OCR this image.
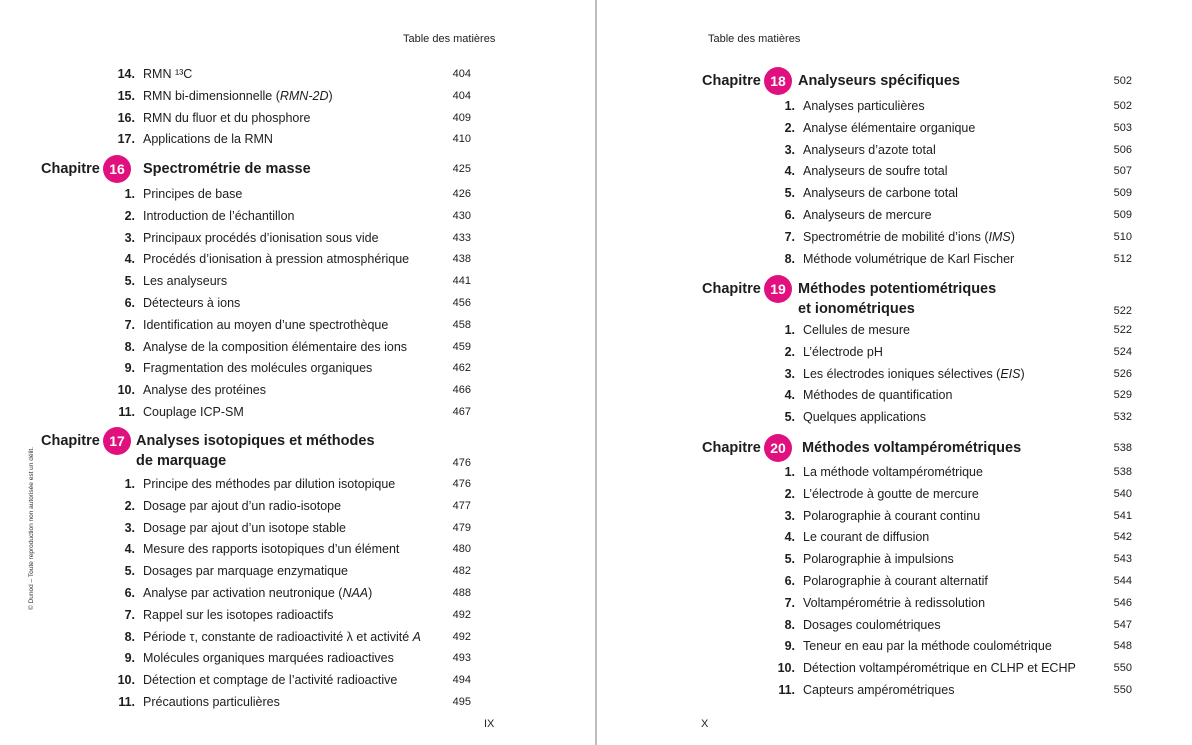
Table des matières
© Dunod – Toute reproduction non autorisée est un délit.
IX
14. RMN ¹³C	404
15. RMN bi-dimensionnelle (RMN-2D)	404
16. RMN du fluor et du phosphore	409
17. Applications de la RMN	410
Chapitre 16	Spectrométrie de masse	425
1. Principes de base	426
2. Introduction de l’échantillon	430
3. Principaux procédés d’ionisation sous vide	433
4. Procédés d’ionisation à pression atmosphérique	438
5. Les analyseurs	441
6. Détecteurs à ions	456
7. Identification au moyen d’une spectrothèque	458
8. Analyse de la composition élémentaire des ions	459
9. Fragmentation des molécules organiques	462
10. Analyse des protéines	466
11. Couplage ICP-SM	467
Chapitre 17 Analyses isotopiques et méthodes
de marquage	476
1. Principe des méthodes par dilution isotopique	476
2. Dosage par ajout d’un radio-isotope	477
3. Dosage par ajout d’un isotope stable	479
4. Mesure des rapports isotopiques d’un élément	480
5. Dosages par marquage enzymatique	482
6. Analyse par activation neutronique (NAA)	488
7. Rappel sur les isotopes radioactifs	492
8. Période τ, constante de radioactivité λ et activité A	492
9. Molécules organiques marquées radioactives	493
10. Détection et comptage de l’activité radioactive	494
11. Précautions particulières	495
Table des matières
X
Chapitre 18 Analyseurs spécifiques	502
1. Analyses particulières	502
2. Analyse élémentaire organique	503
3. Analyseurs d’azote total	506
4. Analyseurs de soufre total	507
5. Analyseurs de carbone total	509
6. Analyseurs de mercure	509
7. Spectrométrie de mobilité d’ions (IMS)	510
8. Méthode volumétrique de Karl Fischer	512
Chapitre 19 Méthodes potentiométriques
et ionométriques	522
1. Cellules de mesure	522
2. L’électrode pH	524
3. Les électrodes ioniques sélectives (EIS)	526
4. Méthodes de quantification	529
5. Quelques applications	532
Chapitre 20	Méthodes voltampérométriques	538
1. La méthode voltampérométrique	538
2. L’électrode à goutte de mercure	540
3. Polarographie à courant continu	541
4. Le courant de diffusion	542
5. Polarographie à impulsions	543
6. Polarographie à courant alternatif	544
7. Voltampérométrie à redissolution	546
8. Dosages coulométriques	547
9. Teneur en eau par la méthode coulométrique	548
10. Détection voltampérométrique en CLHP et ECHP	550
11. Capteurs ampérométriques	550
